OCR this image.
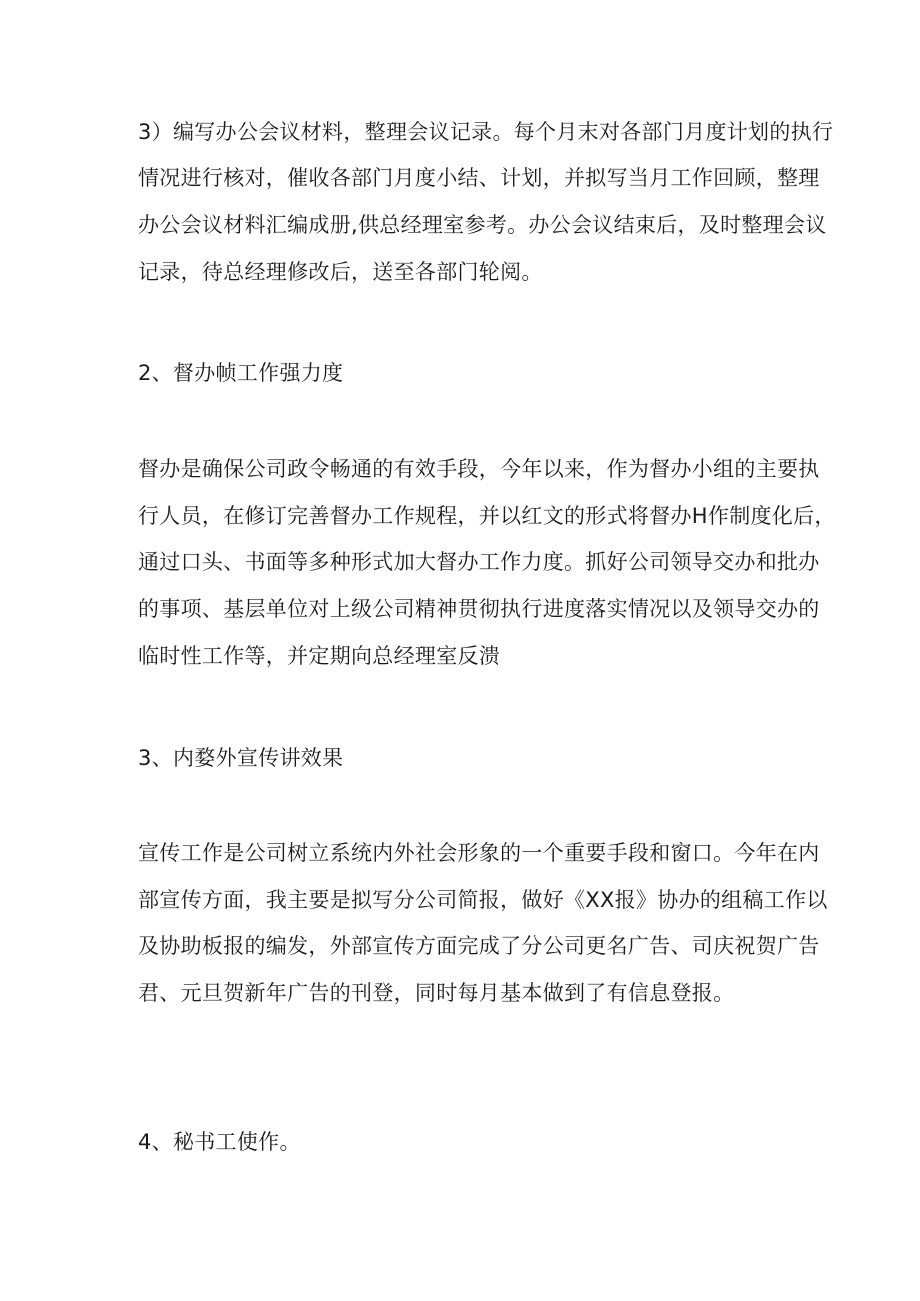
3）编写办公会议材料，整理会议记录。每个月末对各部门月度计划的执行
情况进行核对，催收各部门月度小结、计划，并拟写当月工作回顾，整理
办公会议材料汇编成册,供总经理室参考。办公会议结束后，及时整理会议
记录，待总经理修改后，送至各部门轮阅。
2、督办帧工作强力度
督办是确保公司政令畅通的有效手段，今年以来，作为督办小组的主要执
行人员，在修订完善督办工作规程，并以红文的形式将督办H作制度化后，
通过口头、书面等多种形式加大督办工作力度。抓好公司领导交办和批办
的事项、基层单位对上级公司精神贯彻执行进度落实情况以及领导交办的
临时性工作等，并定期向总经理室反溃
3、内婺外宣传讲效果
宣传工作是公司树立系统内外社会形象的一个重要手段和窗口。今年在内
部宣传方面，我主要是拟写分公司简报，做好《XX报》协办的组稿工作以
及协助板报的编发，外部宣传方面完成了分公司更名广告、司庆祝贺广告
君、元旦贺新年广告的刊登，同时每月基本做到了有信息登报。
4、秘书工使作。
